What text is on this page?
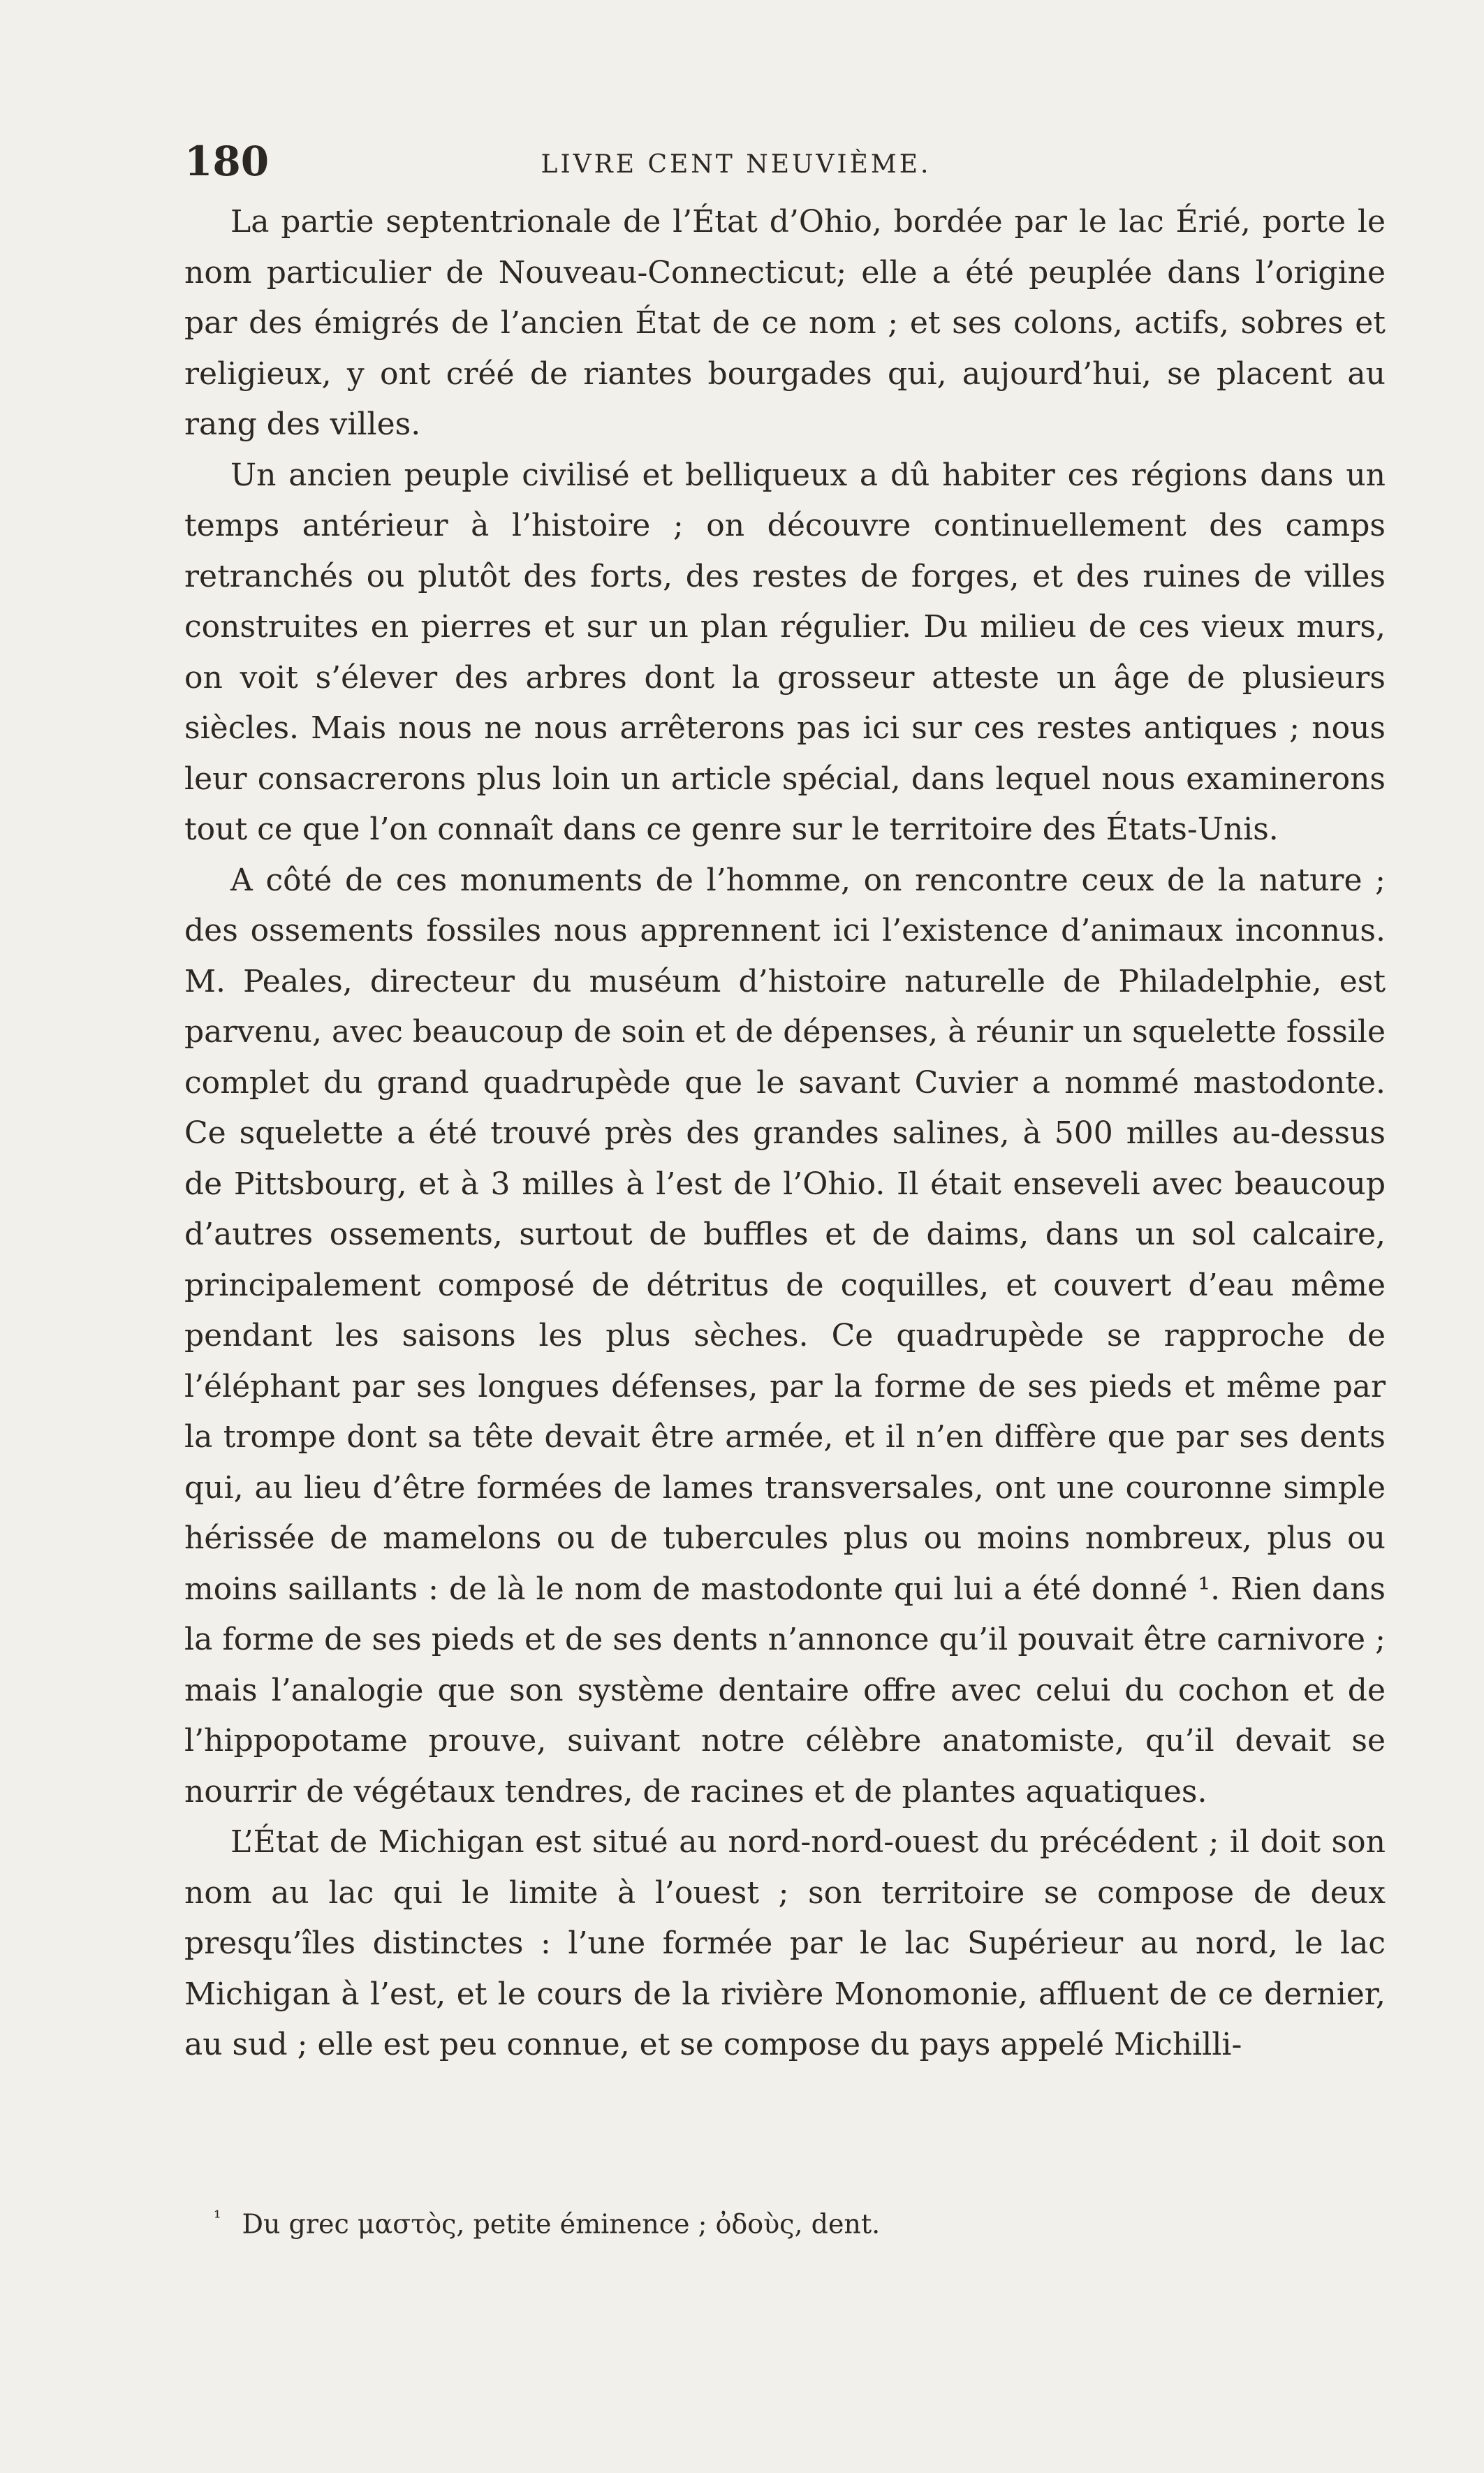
180	LIVRE CENT NEUVIÈME.

La partie septentrionale de l’État d’Ohio, bordée par le lac Érié, porte le nom particulier de Nouveau-Connecticut; elle a été peuplée dans l’origine par des émigrés de l’ancien État de ce nom ; et ses colons, actifs, sobres et religieux, y ont créé de riantes bourgades qui, aujourd’hui, se placent au rang des villes.

Un ancien peuple civilisé et belliqueux a dû habiter ces régions dans un temps antérieur à l’histoire ; on découvre continuellement des camps retranchés ou plutôt des forts, des restes de forges, et des ruines de villes construites en pierres et sur un plan régulier. Du milieu de ces vieux murs, on voit s’élever des arbres dont la grosseur atteste un âge de plusieurs siècles. Mais nous ne nous arrêterons pas ici sur ces restes antiques ; nous leur consacrerons plus loin un article spécial, dans lequel nous examinerons tout ce que l’on connaît dans ce genre sur le territoire des États-Unis.

A côté de ces monuments de l’homme, on rencontre ceux de la nature ; des ossements fossiles nous apprennent ici l’existence d’animaux inconnus. M. Peales, directeur du muséum d’histoire naturelle de Philadelphie, est parvenu, avec beaucoup de soin et de dépenses, à réunir un squelette fossile complet du grand quadrupède que le savant Cuvier a nommé mastodonte. Ce squelette a été trouvé près des grandes salines, à 500 milles au-dessus de Pittsbourg, et à 3 milles à l’est de l’Ohio. Il était enseveli avec beaucoup d’autres ossements, surtout de buffles et de daims, dans un sol calcaire, principalement composé de détritus de coquilles, et couvert d’eau même pendant les saisons les plus sèches. Ce quadrupède se rapproche de l’éléphant par ses longues défenses, par la forme de ses pieds et même par la trompe dont sa tête devait être armée, et il n’en diffère que par ses dents qui, au lieu d’être formées de lames transversales, ont une couronne simple hérissée de mamelons ou de tubercules plus ou moins nombreux, plus ou moins saillants : de là le nom de mastodonte qui lui a été donné ¹. Rien dans la forme de ses pieds et de ses dents n’annonce qu’il pouvait être carnivore ; mais l’analogie que son système dentaire offre avec celui du cochon et de l’hippopotame prouve, suivant notre célèbre anatomiste, qu’il devait se nourrir de végétaux tendres, de racines et de plantes aquatiques.

L’État de Michigan est situé au nord-nord-ouest du précédent ; il doit son nom au lac qui le limite à l’ouest ; son territoire se compose de deux presqu’îles distinctes : l’une formée par le lac Supérieur au nord, le lac Michigan à l’est, et le cours de la rivière Monomonie, affluent de ce dernier, au sud ; elle est peu connue, et se compose du pays appelé Michilli-

$^{^1}$ Du grec μαστὸς, petite éminence ; ὀδοὺς, dent.
